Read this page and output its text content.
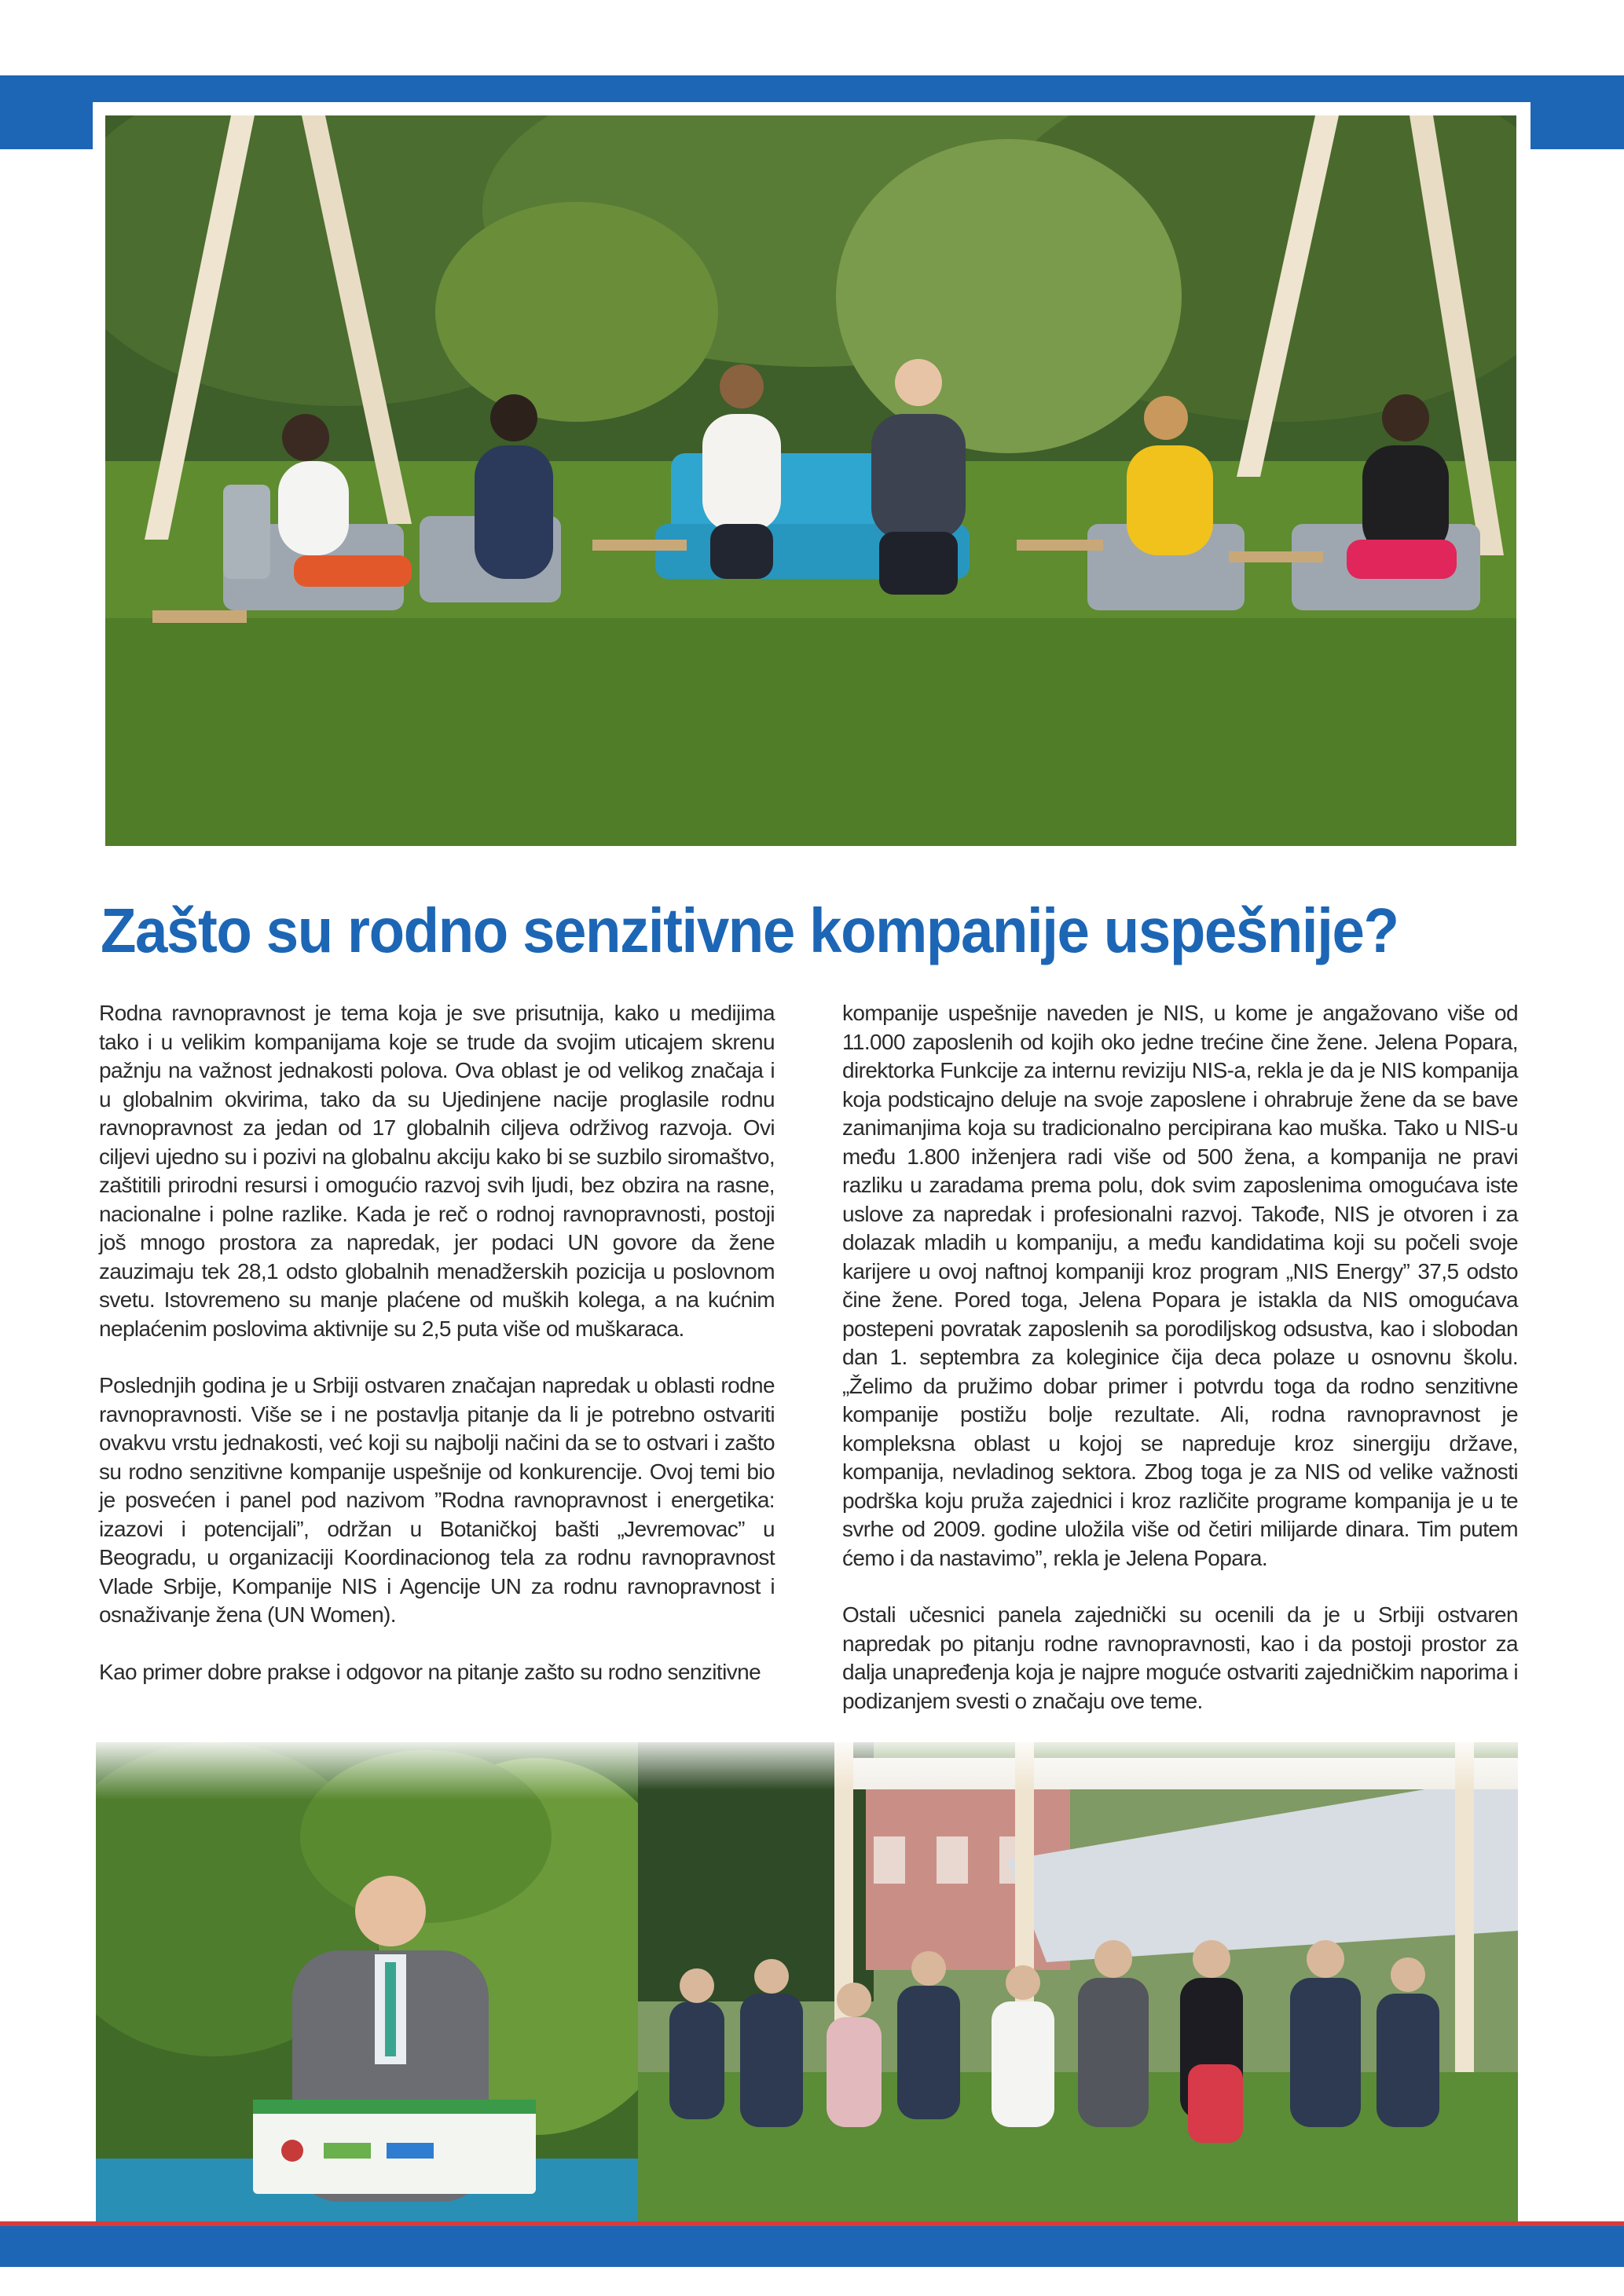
Zašto su rodno senzitivne kompanije uspešnije?

Rodna ravnopravnost je tema koja je sve prisutnija, kako u medijima tako i u velikim kompanijama koje se trude da svojim uticajem skrenu pažnju na važnost jednakosti polova. Ova oblast je od velikog značaja i u globalnim okvirima, tako da su Ujedinjene nacije proglasile rodnu ravnopravnost za jedan od 17 globalnih ciljeva održivog razvoja. Ovi ciljevi ujedno su i pozivi na globalnu akciju kako bi se suzbilo siromaštvo, zaštitili prirodni resursi i omogućio razvoj svih ljudi, bez obzira na rasne, nacionalne i polne razlike. Kada je reč o rodnoj ravnopravnosti, postoji još mnogo prostora za napredak, jer podaci UN govore da žene zauzimaju tek 28,1 odsto globalnih menadžerskih pozicija u poslovnom svetu. Istovremeno su manje plaćene od muških kolega, a na kućnim neplaćenim poslovima aktivnije su 2,5 puta više od muškaraca.

Poslednjih godina je u Srbiji ostvaren značajan napredak u oblasti rodne ravnopravnosti. Više se i ne postavlja pitanje da li je potrebno ostvariti ovakvu vrstu jednakosti, već koji su najbolji načini da se to ostvari i zašto su rodno senzitivne kompanije uspešnije od konkurencije. Ovoj temi bio je posvećen i panel pod nazivom ”Rodna ravnopravnost i energetika: izazovi i potencijali”, održan u Botaničkoj bašti „Jevremovac” u Beogradu, u organizaciji Koordinacionog tela za rodnu ravnopravnost Vlade Srbije, Kompanije NIS i Agencije UN za rodnu ravnopravnost i osnaživanje žena (UN Women).

Kao primer dobre prakse i odgovor na pitanje zašto su rodno senzitivne

kompanije uspešnije naveden je NIS, u kome je angažovano više od 11.000 zaposlenih od kojih oko jedne trećine čine žene. Jelena Popara, direktorka Funkcije za internu reviziju NIS-a, rekla je da je NIS kompanija koja podsticajno deluje na svoje zaposlene i ohrabruje žene da se bave zanimanjima koja su tradicionalno percipirana kao muška. Tako u NIS-u među 1.800 inženjera radi više od 500 žena, a kompanija ne pravi razliku u zaradama prema polu, dok svim zaposlenima omogućava iste uslove za napredak i profesionalni razvoj. Takođe, NIS je otvoren i za dolazak mladih u kompaniju, a među kandidatima koji su počeli svoje karijere u ovoj naftnoj kompaniji kroz program „NIS Energy” 37,5 odsto čine žene. Pored toga, Jelena Popara je istakla da NIS omogućava postepeni povratak zaposlenih sa porodiljskog odsustva, kao i slobodan dan 1. septembra za koleginice čija deca polaze u osnovnu školu. „Želimo da pružimo dobar primer i potvrdu toga da rodno senzitivne kompanije postižu bolje rezultate. Ali, rodna ravnopravnost je kompleksna oblast u kojoj se napreduje kroz sinergiju države, kompanija, nevladinog sektora. Zbog toga je za NIS od velike važnosti podrška koju pruža zajednici i kroz različite programe kompanija je u te svrhe od 2009. godine uložila više od četiri milijarde dinara. Tim putem ćemo i da nastavimo”, rekla je Jelena Popara.

Ostali učesnici panela zajednički su ocenili da je u Srbiji ostvaren napredak po pitanju rodne ravnopravnosti, kao i da postoji prostor za dalja unapređenja koja je najpre moguće ostvariti zajedničkim naporima i podizanjem svesti o značaju ove teme.
